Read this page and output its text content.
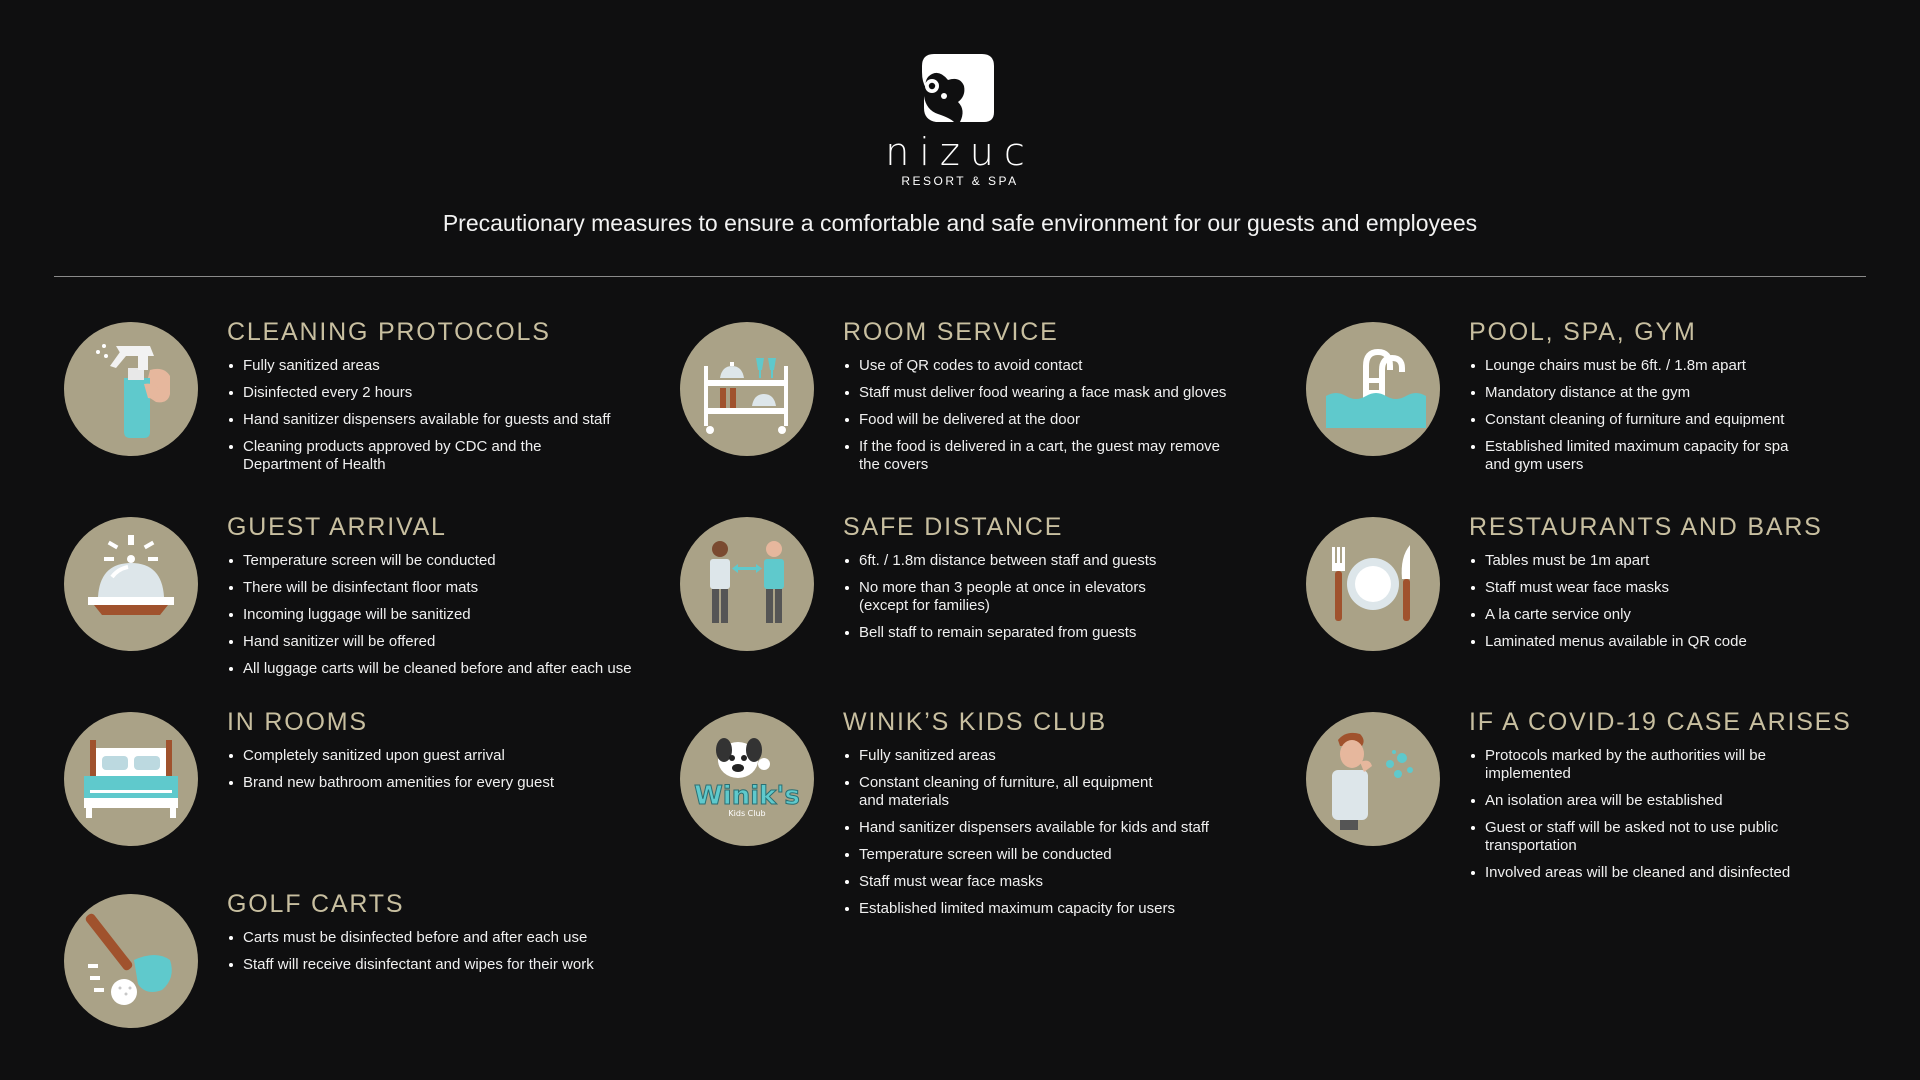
nizuc
RESORT & SPA
Precautionary measures to ensure a comfortable and safe environment for our guests and employees
CLEANING PROTOCOLS
Fully sanitized areas
Disinfected every 2 hours
Hand sanitizer dispensers available for guests and staff
Cleaning products approved by CDC and the Department of Health
GUEST ARRIVAL
Temperature screen will be conducted
There will be disinfectant floor mats
Incoming luggage will be sanitized
Hand sanitizer will be offered
All luggage carts will be cleaned before and after each use
IN ROOMS
Completely sanitized upon guest arrival
Brand new bathroom amenities for every guest
GOLF CARTS
Carts must be disinfected before and after each use
Staff will receive disinfectant and wipes for their work
ROOM SERVICE
Use of QR codes to avoid contact
Staff must deliver food wearing a face mask and gloves
Food will be delivered at the door
If the food is delivered in a cart, the guest may remove the covers
SAFE DISTANCE
6ft. / 1.8m distance between staff and guests
No more than 3 people at once in elevators (except for families)
Bell staff to remain separated from guests
Winik's
Kids Club
WINIK’S KIDS CLUB
Fully sanitized areas
Constant cleaning of furniture, all equipment and materials
Hand sanitizer dispensers available for kids and staff
Temperature screen will be conducted
Staff must wear face masks
Established limited maximum capacity for users
POOL, SPA, GYM
Lounge chairs must be 6ft. / 1.8m apart
Mandatory distance at the gym
Constant cleaning of furniture and equipment
Established limited maximum capacity for spa and gym users
RESTAURANTS AND BARS
Tables must be 1m apart
Staff must wear face masks
A la carte service only
Laminated menus available in QR code
IF A COVID-19 CASE ARISES
Protocols marked by the authorities will be implemented
An isolation area will be established
Guest or staff will be asked not to use public transportation
Involved areas will be cleaned and disinfected
